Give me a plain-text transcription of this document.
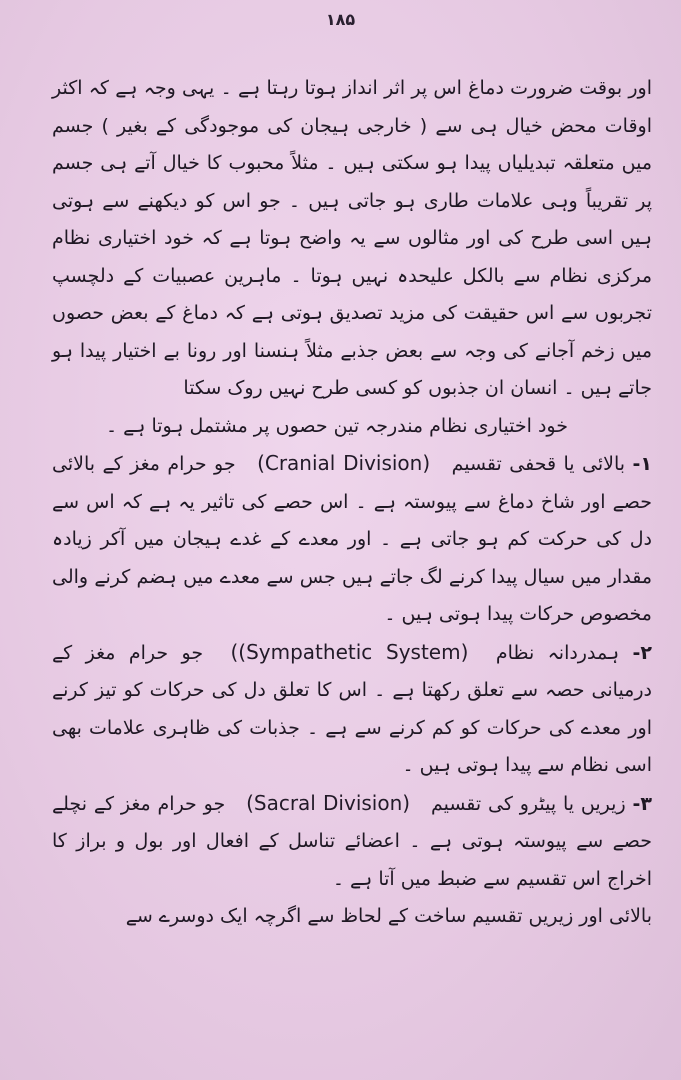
۱۸۵

اور بوقت ضرورت دماغ اس پر اثر انداز ہوتا رہتا ہے ۔ یہی وجہ ہے کہ اکثر اوقات محض خیال ہی سے ( خارجی ہیجان کی موجودگی کے بغیر ) جسم میں متعلقہ تبدیلیاں پیدا ہو سکتی ہیں ۔ مثلاً محبوب کا خیال آتے ہی جسم پر تقریباً وہی علامات طاری ہو جاتی ہیں ۔ جو اس کو دیکھنے سے ہوتی ہیں اسی طرح کی اور مثالوں سے یہ واضح ہوتا ہے کہ خود اختیاری نظام مرکزی نظام سے بالکل علیحدہ نہیں ہوتا ۔ ماہرین عصبیات کے دلچسپ تجربوں سے اس حقیقت کی مزید تصدیق ہوتی ہے کہ دماغ کے بعض حصوں میں زخم آجانے کی وجہ سے بعض جذبے مثلاً ہنسنا اور رونا بے اختیار پیدا ہو جاتے ہیں ۔ انسان ان جذبوں کو کسی طرح نہیں روک سکتا

خود اختیاری نظام مندرجہ تین حصوں پر مشتمل ہوتا ہے ۔

۱- بالائی یا قحفی تقسیم (Cranial Division) جو حرام مغز کے بالائی حصے اور شاخ دماغ سے پیوستہ ہے ۔ اس حصے کی تاثیر یہ ہے کہ اس سے دل کی حرکت کم ہو جاتی ہے ۔ اور معدے کے غدے ہیجان میں آکر زیادہ مقدار میں سیال پیدا کرنے لگ جاتے ہیں جس سے معدے میں ہضم کرنے والی مخصوص حرکات پیدا ہوتی ہیں ۔

۲- ہمدردانہ نظام ((Sympathetic System) جو حرام مغز کے درمیانی حصہ سے تعلق رکھتا ہے ۔ اس کا تعلق دل کی حرکات کو تیز کرنے اور معدے کی حرکات کو کم کرنے سے ہے ۔ جذبات کی ظاہری علامات بھی اسی نظام سے پیدا ہوتی ہیں ۔

۳- زیریں یا پیٹرو کی تقسیم (Sacral Division) جو حرام مغز کے نچلے حصے سے پیوستہ ہوتی ہے ۔ اعضائے تناسل کے افعال اور بول و براز کا اخراج اس تقسیم سے ضبط میں آتا ہے ۔

بالائی اور زیریں تقسیم ساخت کے لحاظ سے اگرچہ ایک دوسرے سے
